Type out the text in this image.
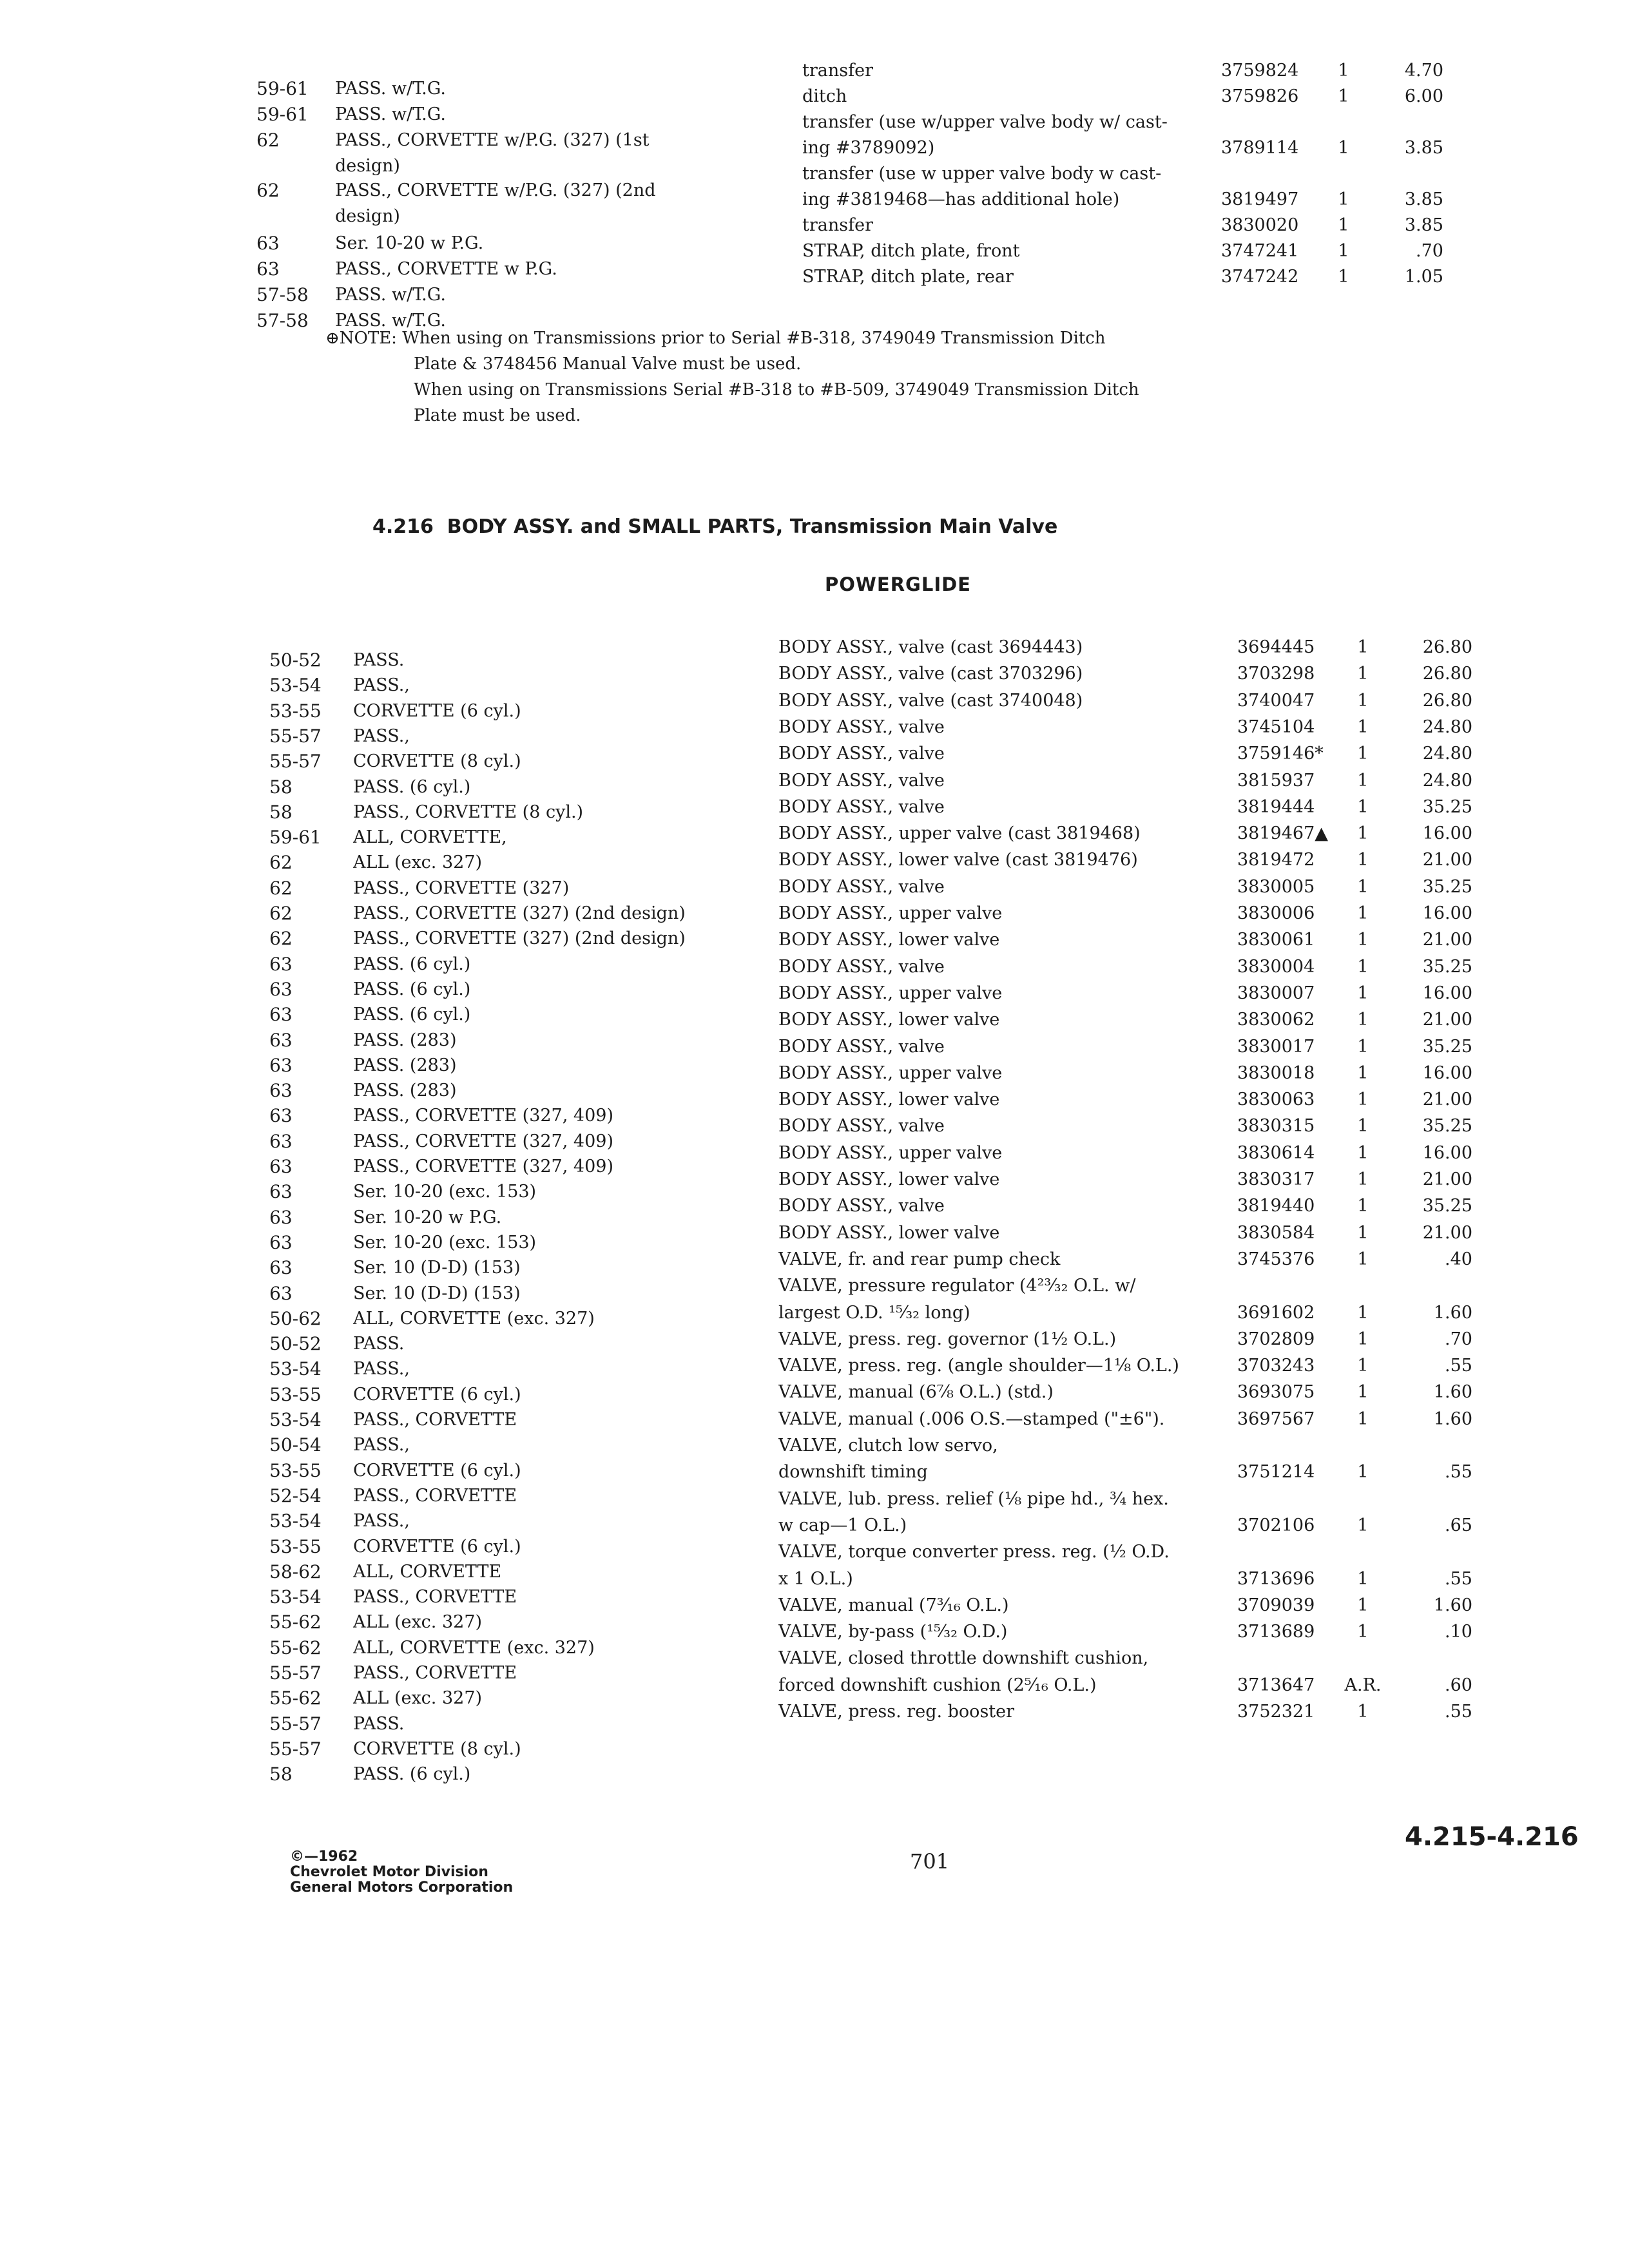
59-61	PASS. w/T.G.
59-61	PASS. w/T.G.
62	PASS., CORVETTE w/P.G. (327) (1st
design)
62	PASS., CORVETTE w/P.G. (327) (2nd
design)
63	Ser. 10-20 w P.G.
63	PASS., CORVETTE w P.G.
57-58	PASS. w/T.G.
57-58	PASS. w/T.G.
transfer	3759824	1	4.70
ditch	3759826	1	6.00
transfer (use w/upper valve body w/ cast-
ing #3789092)	3789114	1	3.85
transfer (use w upper valve body w cast-
ing #3819468—has additional hole)	3819497	1	3.85
transfer	3830020	1	3.85
STRAP, ditch plate, front	3747241	1	.70
STRAP, ditch plate, rear	3747242	1	1.05
⊕NOTE: When using on Transmissions prior to Serial #B-318, 3749049 Transmission Ditch
Plate & 3748456 Manual Valve must be used.
When using on Transmissions Serial #B-318 to #B-509, 3749049 Transmission Ditch
Plate must be used.
4.216 BODY ASSY. and SMALL PARTS, Transmission Main Valve
POWERGLIDE
50-52	PASS.
53-54	PASS.,
53-55	CORVETTE (6 cyl.)
55-57	PASS.,
55-57	CORVETTE (8 cyl.)
58	PASS. (6 cyl.)
58	PASS., CORVETTE (8 cyl.)
59-61	ALL, CORVETTE,
62	ALL (exc. 327)
62	PASS., CORVETTE (327)
62	PASS., CORVETTE (327) (2nd design)
62	PASS., CORVETTE (327) (2nd design)
63	PASS. (6 cyl.)
63	PASS. (6 cyl.)
63	PASS. (6 cyl.)
63	PASS. (283)
63	PASS. (283)
63	PASS. (283)
63	PASS., CORVETTE (327, 409)
63	PASS., CORVETTE (327, 409)
63	PASS., CORVETTE (327, 409)
63	Ser. 10-20 (exc. 153)
63	Ser. 10-20 w P.G.
63	Ser. 10-20 (exc. 153)
63	Ser. 10 (D-D) (153)
63	Ser. 10 (D-D) (153)
50-62	ALL, CORVETTE (exc. 327)
50-52	PASS.
53-54	PASS.,
53-55	CORVETTE (6 cyl.)
53-54	PASS., CORVETTE
50-54	PASS.,
53-55	CORVETTE (6 cyl.)
52-54	PASS., CORVETTE
53-54	PASS.,
53-55	CORVETTE (6 cyl.)
58-62	ALL, CORVETTE
53-54	PASS., CORVETTE
55-62	ALL (exc. 327)
55-62	ALL, CORVETTE (exc. 327)
55-57	PASS., CORVETTE
55-62	ALL (exc. 327)
55-57	PASS.
55-57	CORVETTE (8 cyl.)
58	PASS. (6 cyl.)
BODY ASSY., valve (cast 3694443)	3694445	1	26.80
BODY ASSY., valve (cast 3703296)	3703298	1	26.80
BODY ASSY., valve (cast 3740048)	3740047	1	26.80
BODY ASSY., valve	3745104	1	24.80
BODY ASSY., valve	3759146*	1	24.80
BODY ASSY., valve	3815937	1	24.80
BODY ASSY., valve	3819444	1	35.25
BODY ASSY., upper valve (cast 3819468)	3819467▲	1	16.00
BODY ASSY., lower valve (cast 3819476)	3819472	1	21.00
BODY ASSY., valve	3830005	1	35.25
BODY ASSY., upper valve	3830006	1	16.00
BODY ASSY., lower valve	3830061	1	21.00
BODY ASSY., valve	3830004	1	35.25
BODY ASSY., upper valve	3830007	1	16.00
BODY ASSY., lower valve	3830062	1	21.00
BODY ASSY., valve	3830017	1	35.25
BODY ASSY., upper valve	3830018	1	16.00
BODY ASSY., lower valve	3830063	1	21.00
BODY ASSY., valve	3830315	1	35.25
BODY ASSY., upper valve	3830614	1	16.00
BODY ASSY., lower valve	3830317	1	21.00
BODY ASSY., valve	3819440	1	35.25
BODY ASSY., lower valve	3830584	1	21.00
VALVE, fr. and rear pump check	3745376	1	.40
VALVE, pressure regulator (4²³⁄₃₂ O.L. w/
largest O.D. ¹⁵⁄₃₂ long)	3691602	1	1.60
VALVE, press. reg. governor (1½ O.L.)	3702809	1	.70
VALVE, press. reg. (angle shoulder—1⅛ O.L.)	3703243	1	.55
VALVE, manual (6⅞ O.L.) (std.)	3693075	1	1.60
VALVE, manual (.006 O.S.—stamped ("±6").	3697567	1	1.60
VALVE, clutch low servo,
downshift timing	3751214	1	.55
VALVE, lub. press. relief (⅛ pipe hd., ¾ hex.
w cap—1 O.L.)	3702106	1	.65
VALVE, torque converter press. reg. (½ O.D.
x 1 O.L.)	3713696	1	.55
VALVE, manual (7³⁄₁₆ O.L.)	3709039	1	1.60
VALVE, by-pass (¹⁵⁄₃₂ O.D.)	3713689	1	.10
VALVE, closed throttle downshift cushion,
forced downshift cushion (2⁵⁄₁₆ O.L.)	3713647	A.R.	.60
VALVE, press. reg. booster	3752321	1	.55
©—1962
Chevrolet Motor Division
General Motors Corporation
701
4.215-4.216
